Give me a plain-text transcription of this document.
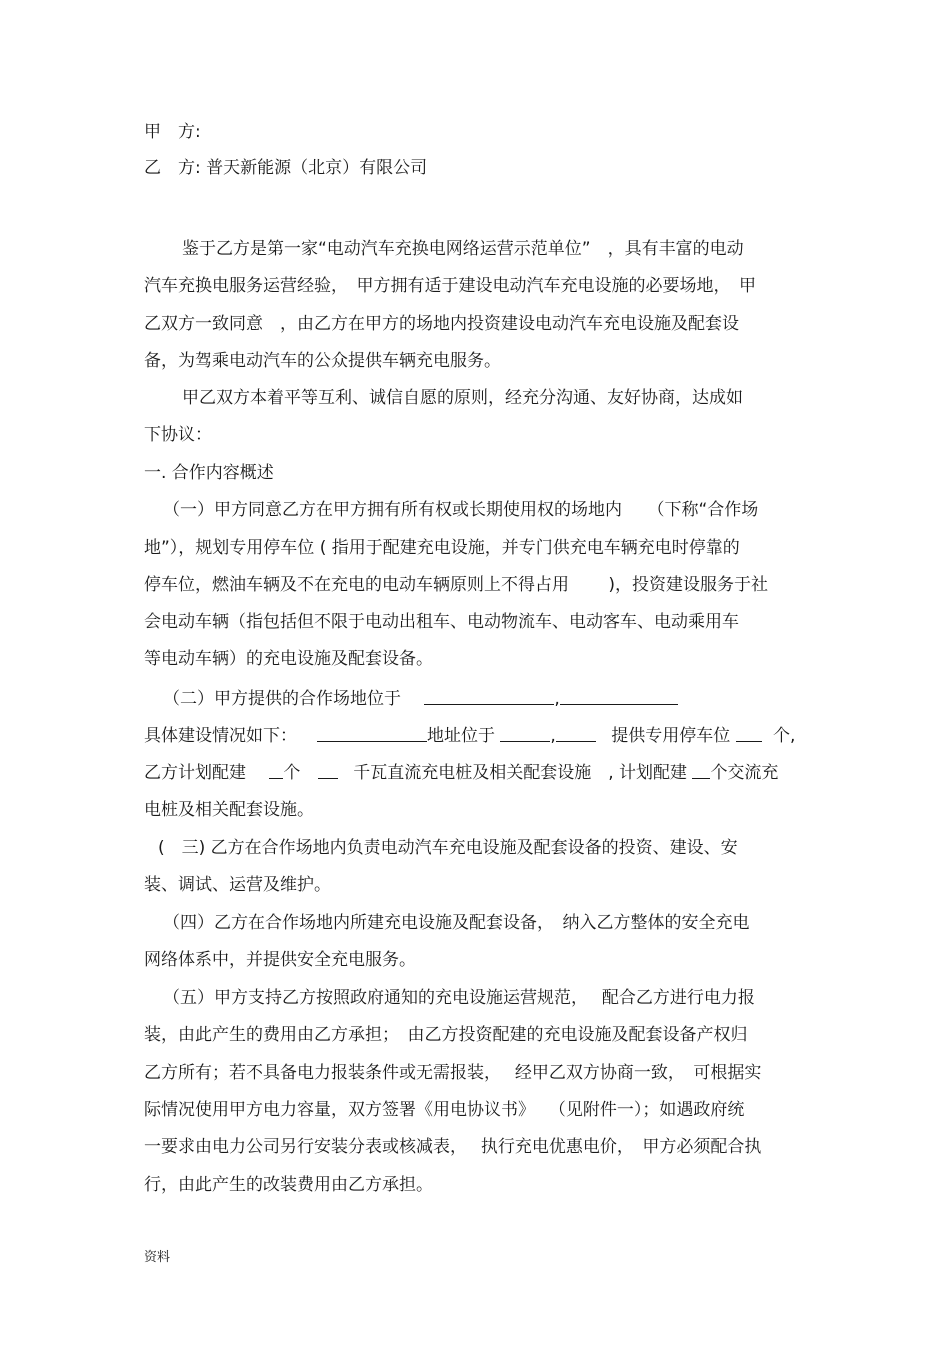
甲　方:
乙　方: 普天新能源（北京）有限公司
鉴于乙方是第一家“电动汽车充换电网络运营示范单位”　，具有丰富的电动
汽车充换电服务运营经验，　甲方拥有适于建设电动汽车充电设施的必要场地，　甲
乙双方一致同意　，由乙方在甲方的场地内投资建设电动汽车充电设施及配套设
备，为驾乘电动汽车的公众提供车辆充电服务。
甲乙双方本着平等互利、诚信自愿的原则，经充分沟通、友好协商，达成如
下协议：
一. 合作内容概述
（一）甲方同意乙方在甲方拥有所有权或长期使用权的场地内　　（下称“合作场
地”），规划专用停车位 ( 指用于配建充电设施，并专门供充电车辆充电时停靠的
停车位，燃油车辆及不在充电的电动车辆原则上不得占用　　 )，投资建设服务于社
会电动车辆（指包括但不限于电动出租车、电动物流车、电动客车、电动乘用车
等电动车辆）的充电设施及配套设备。
（二）甲方提供的合作场地位于	,
具体建设情况如下：	地址位于	,	提供专用停车位	个,
乙方计划配建 个	千瓦直流充电桩及相关配套设施　, 计划配建 个交流充
电桩及相关配套设施。
(　三) 乙方在合作场地内负责电动汽车充电设施及配套设备的投资、建设、安
装、调试、运营及维护。
（四）乙方在合作场地内所建充电设施及配套设备，　纳入乙方整体的安全充电
网络体系中，并提供安全充电服务。
（五）甲方支持乙方按照政府通知的充电设施运营规范，　 配合乙方进行电力报
装，由此产生的费用由乙方承担；　由乙方投资配建的充电设施及配套设备产权归
乙方所有；若不具备电力报装条件或无需报装，　 经甲乙双方协商一致，　可根据实
际情况使用甲方电力容量，双方签署《用电协议书》　 （见附件一）；如遇政府统
一要求由电力公司另行安装分表或核减表，　 执行充电优惠电价，　甲方必须配合执
行，由此产生的改装费用由乙方承担。
资料
